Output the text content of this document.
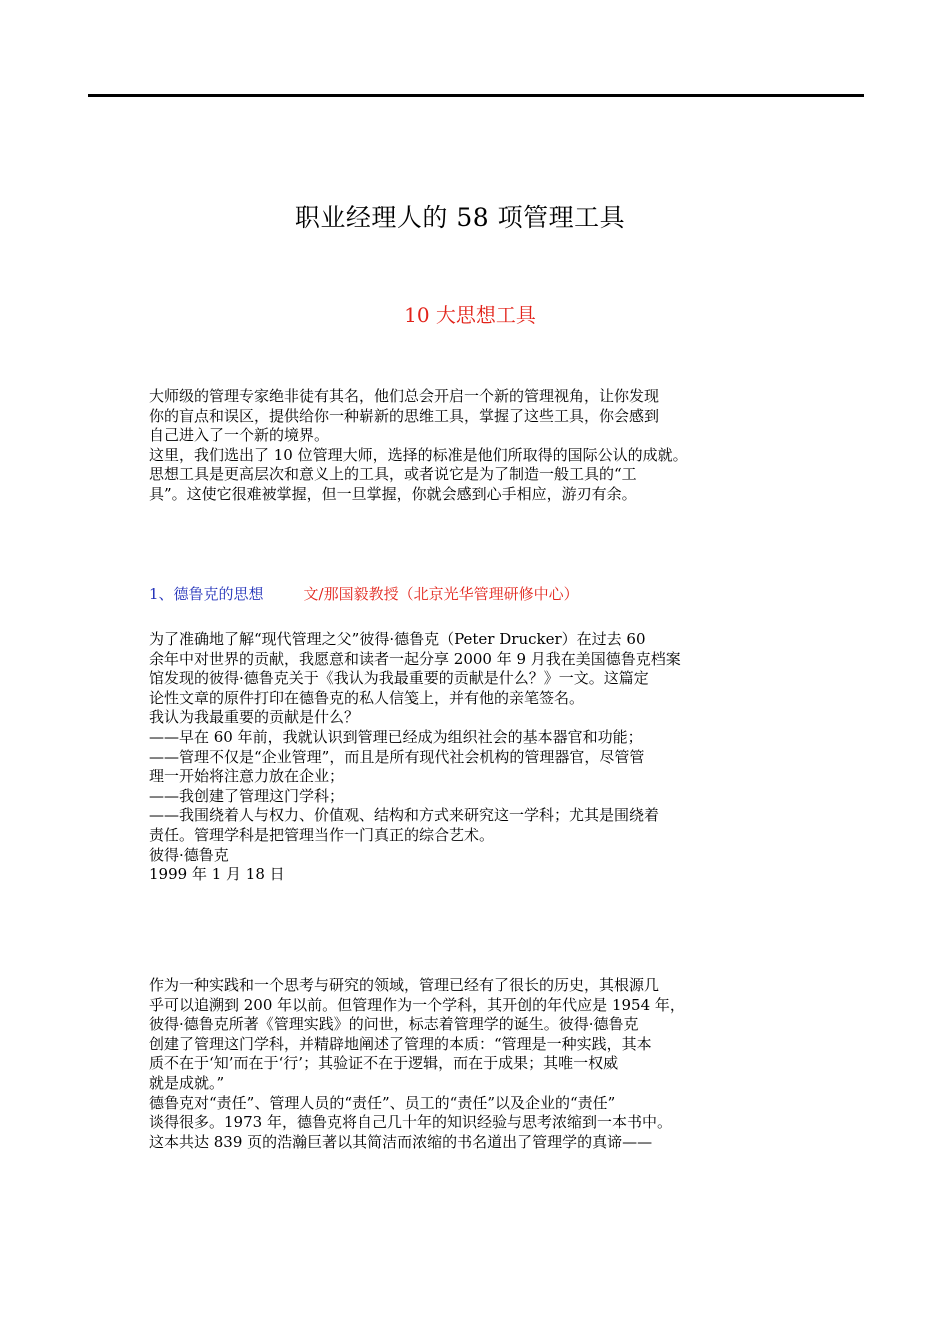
职业经理人的 58 项管理工具
10 大思想工具

大师级的管理专家绝非徒有其名，他们总会开启一个新的管理视角，让你发现

你的盲点和误区，提供给你一种崭新的思维工具，掌握了这些工具，你会感到

自己进入了一个新的境界。

这里，我们选出了 10 位管理大师，选择的标准是他们所取得的国际公认的成就。

思想工具是更高层次和意义上的工具，或者说它是为了制造一般工具的“工

具”。这使它很难被掌握，但一旦掌握，你就会感到心手相应，游刃有余。

1、德鲁克的思想	文/那国毅教授（北京光华管理研修中心）

为了准确地了解“现代管理之父”彼得·德鲁克（Peter Drucker）在过去 60

余年中对世界的贡献，我愿意和读者一起分享 2000 年 9 月我在美国德鲁克档案

馆发现的彼得·德鲁克关于《我认为我最重要的贡献是什么？》一文。这篇定

论性文章的原件打印在德鲁克的私人信笺上，并有他的亲笔签名。

我认为我最重要的贡献是什么？

——早在 60 年前，我就认识到管理已经成为组织社会的基本器官和功能；

——管理不仅是“企业管理”，而且是所有现代社会机构的管理器官，尽管管

理一开始将注意力放在企业；

——我创建了管理这门学科；

——我围绕着人与权力、价值观、结构和方式来研究这一学科；尤其是围绕着

责任。管理学科是把管理当作一门真正的综合艺术。

彼得·德鲁克

1999 年 1 月 18 日

作为一种实践和一个思考与研究的领域，管理已经有了很长的历史，其根源几

乎可以追溯到 200 年以前。但管理作为一个学科，其开创的年代应是 1954 年，

彼得·德鲁克所著《管理实践》的问世，标志着管理学的诞生。彼得·德鲁克

创建了管理这门学科，并精辟地阐述了管理的本质：“管理是一种实践，其本

质不在于‘知’而在于‘行’；其验证不在于逻辑，而在于成果；其唯一权威

就是成就。”

德鲁克对“责任”、管理人员的“责任”、员工的“责任”以及企业的“责任”

谈得很多。1973 年，德鲁克将自己几十年的知识经验与思考浓缩到一本书中。

这本共达 839 页的浩瀚巨著以其简洁而浓缩的书名道出了管理学的真谛——
